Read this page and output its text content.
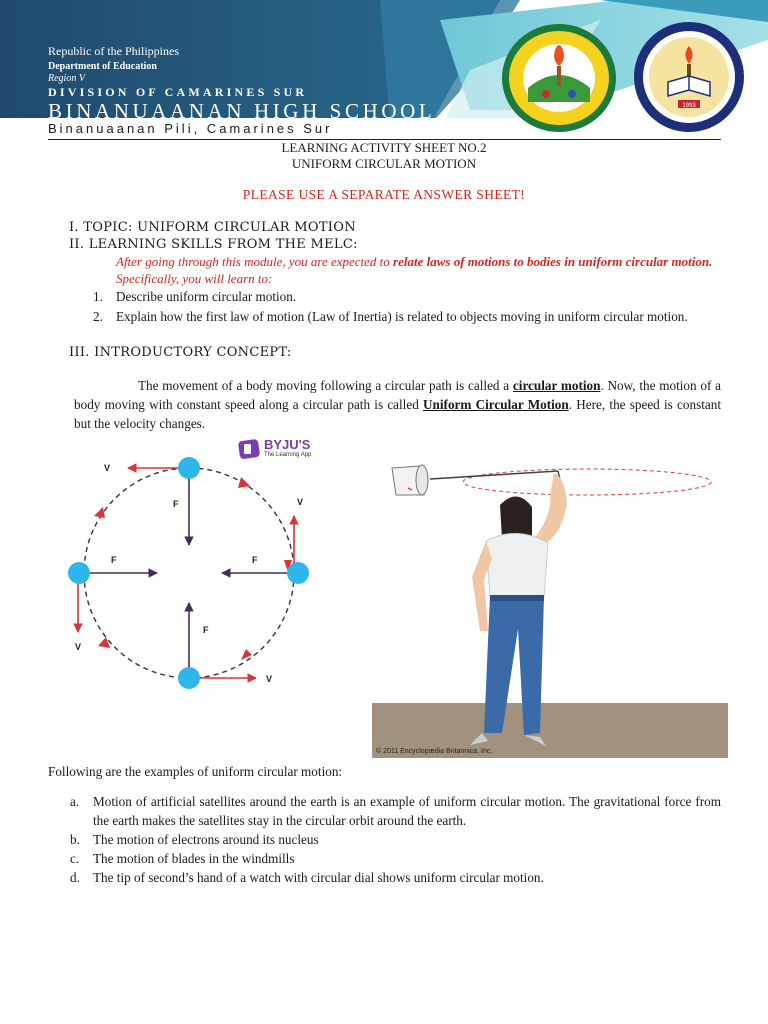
1993
Republic of the Philippines
Department of Education
Region V
DIVISION OF CAMARINES SUR
BINANUAANAN HIGH SCHOOL
Binanuaanan Pili, Camarines Sur
LEARNING ACTIVITY SHEET NO.2
UNIFORM CIRCULAR MOTION
PLEASE USE A SEPARATE ANSWER SHEET!
I. TOPIC: UNIFORM CIRCULAR MOTION
II. LEARNING SKILLS FROM THE MELC:
After going through this module, you are expected to relate laws of motions to bodies in uniform circular motion. Specifically, you will learn to:
1. Describe uniform circular motion.
2. Explain how the first law of motion (Law of Inertia) is related to objects moving in uniform circular motion.
III. INTRODUCTORY CONCEPT:
The movement of a body moving following a circular path is called a circular motion. Now, the motion of a body moving with constant speed along a circular path is called Uniform Circular Motion. Here, the speed is constant but the velocity changes.
BYJU'S
The Learning App
V
V
V
V
F
F
F
F
© 2011 Encyclopædia Britannica, Inc.
Following are the examples of uniform circular motion:
a. Motion of artificial satellites around the earth is an example of uniform circular motion. The gravitational force from the earth makes the satellites stay in the circular orbit around the earth.
b. The motion of electrons around its nucleus
c. The motion of blades in the windmills
d. The tip of second’s hand of a watch with circular dial shows uniform circular motion.
